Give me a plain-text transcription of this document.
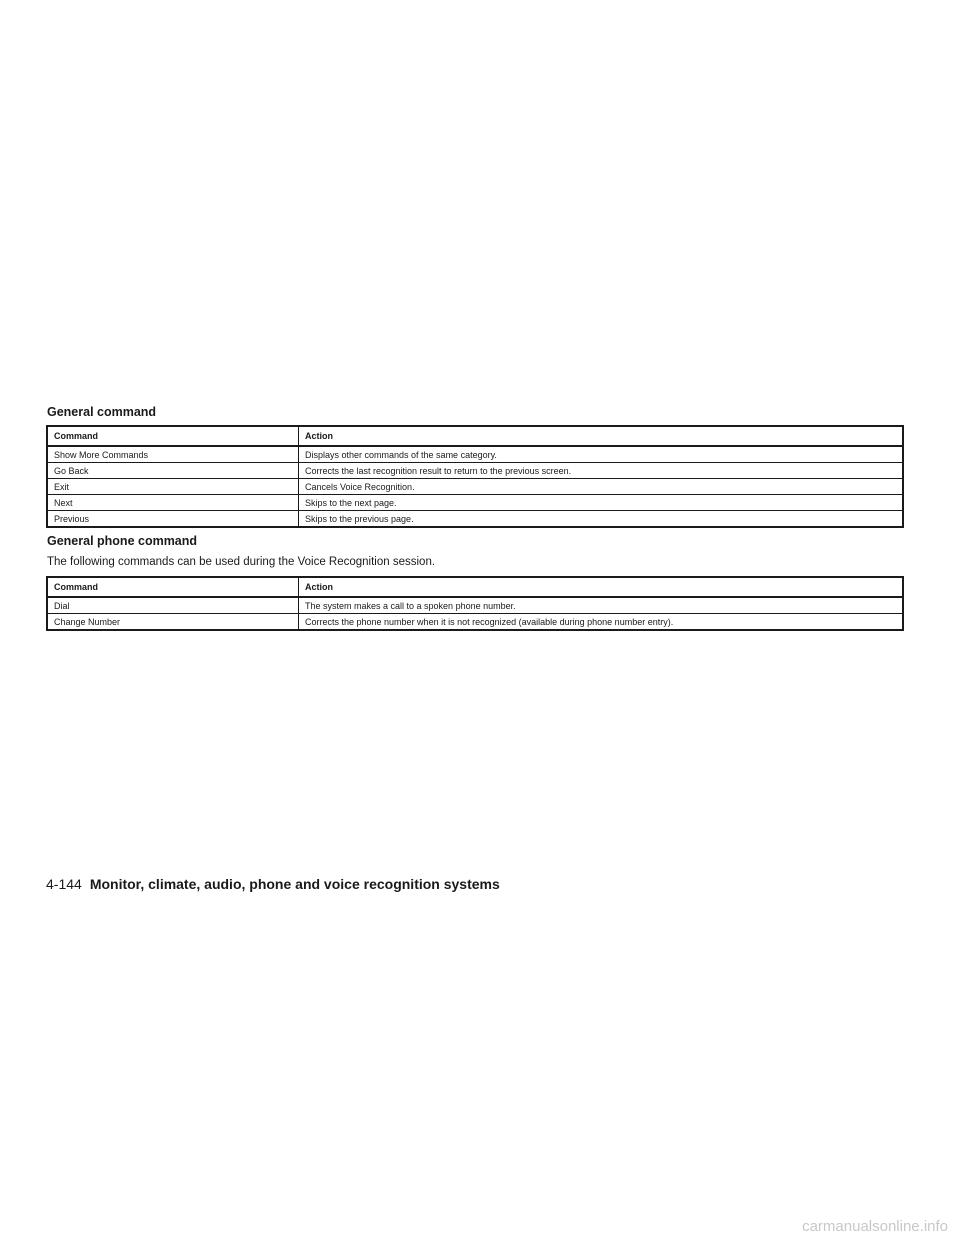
General command
Command	Action
Show More Commands	Displays other commands of the same category.
Go Back	Corrects the last recognition result to return to the previous screen.
Exit	Cancels Voice Recognition.
Next	Skips to the next page.
Previous	Skips to the previous page.
General phone command

The following commands can be used during the Voice Recognition session.

Command	Action
Dial	The system makes a call to a spoken phone number.
Change Number	Corrects the phone number when it is not recognized (available during phone number entry).
4-144 Monitor, climate, audio, phone and voice recognition systems
carmanualsonline.info
